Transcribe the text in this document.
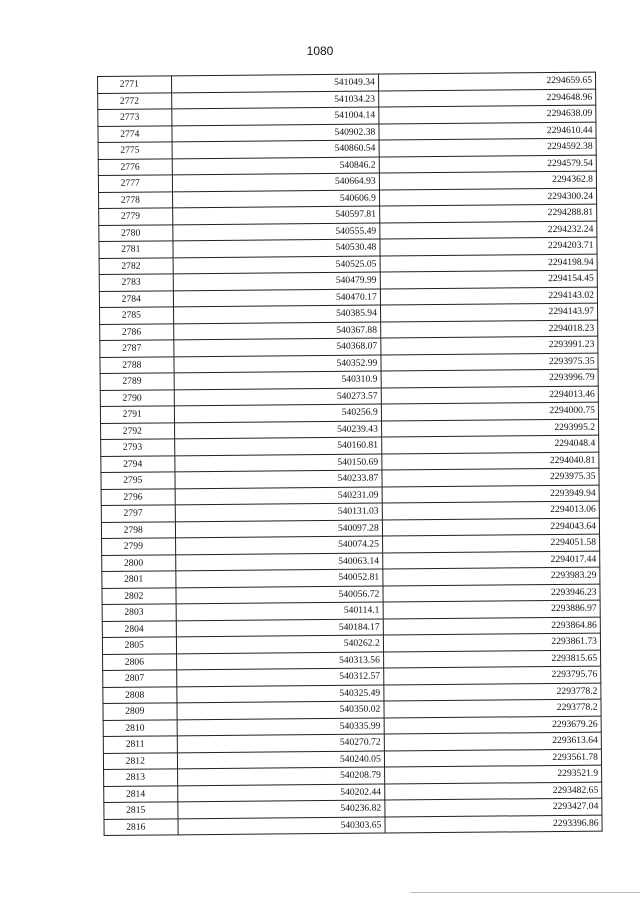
1080
2771	541049.34	2294659.65
2772	541034.23	2294648.96
2773	541004.14	2294638.09
2774	540902.38	2294610.44
2775	540860.54	2294592.38
2776	540846.2	2294579.54
2777	540664.93	2294362.8
2778	540606.9	2294300.24
2779	540597.81	2294288.81
2780	540555.49	2294232.24
2781	540530.48	2294203.71
2782	540525.05	2294198.94
2783	540479.99	2294154.45
2784	540470.17	2294143.02
2785	540385.94	2294143.97
2786	540367.88	2294018.23
2787	540368.07	2293991.23
2788	540352.99	2293975.35
2789	540310.9	2293996.79
2790	540273.57	2294013.46
2791	540256.9	2294000.75
2792	540239.43	2293995.2
2793	540160.81	2294048.4
2794	540150.69	2294040.81
2795	540233.87	2293975.35
2796	540231.09	2293949.94
2797	540131.03	2294013.06
2798	540097.28	2294043.64
2799	540074.25	2294051.58
2800	540063.14	2294017.44
2801	540052.81	2293983.29
2802	540056.72	2293946.23
2803	540114.1	2293886.97
2804	540184.17	2293864.86
2805	540262.2	2293861.73
2806	540313.56	2293815.65
2807	540312.57	2293795.76
2808	540325.49	2293778.2
2809	540350.02	2293778.2
2810	540335.99	2293679.26
2811	540270.72	2293613.64
2812	540240.05	2293561.78
2813	540208.79	2293521.9
2814	540202.44	2293482.65
2815	540236.82	2293427.04
2816	540303.65	2293396.86
